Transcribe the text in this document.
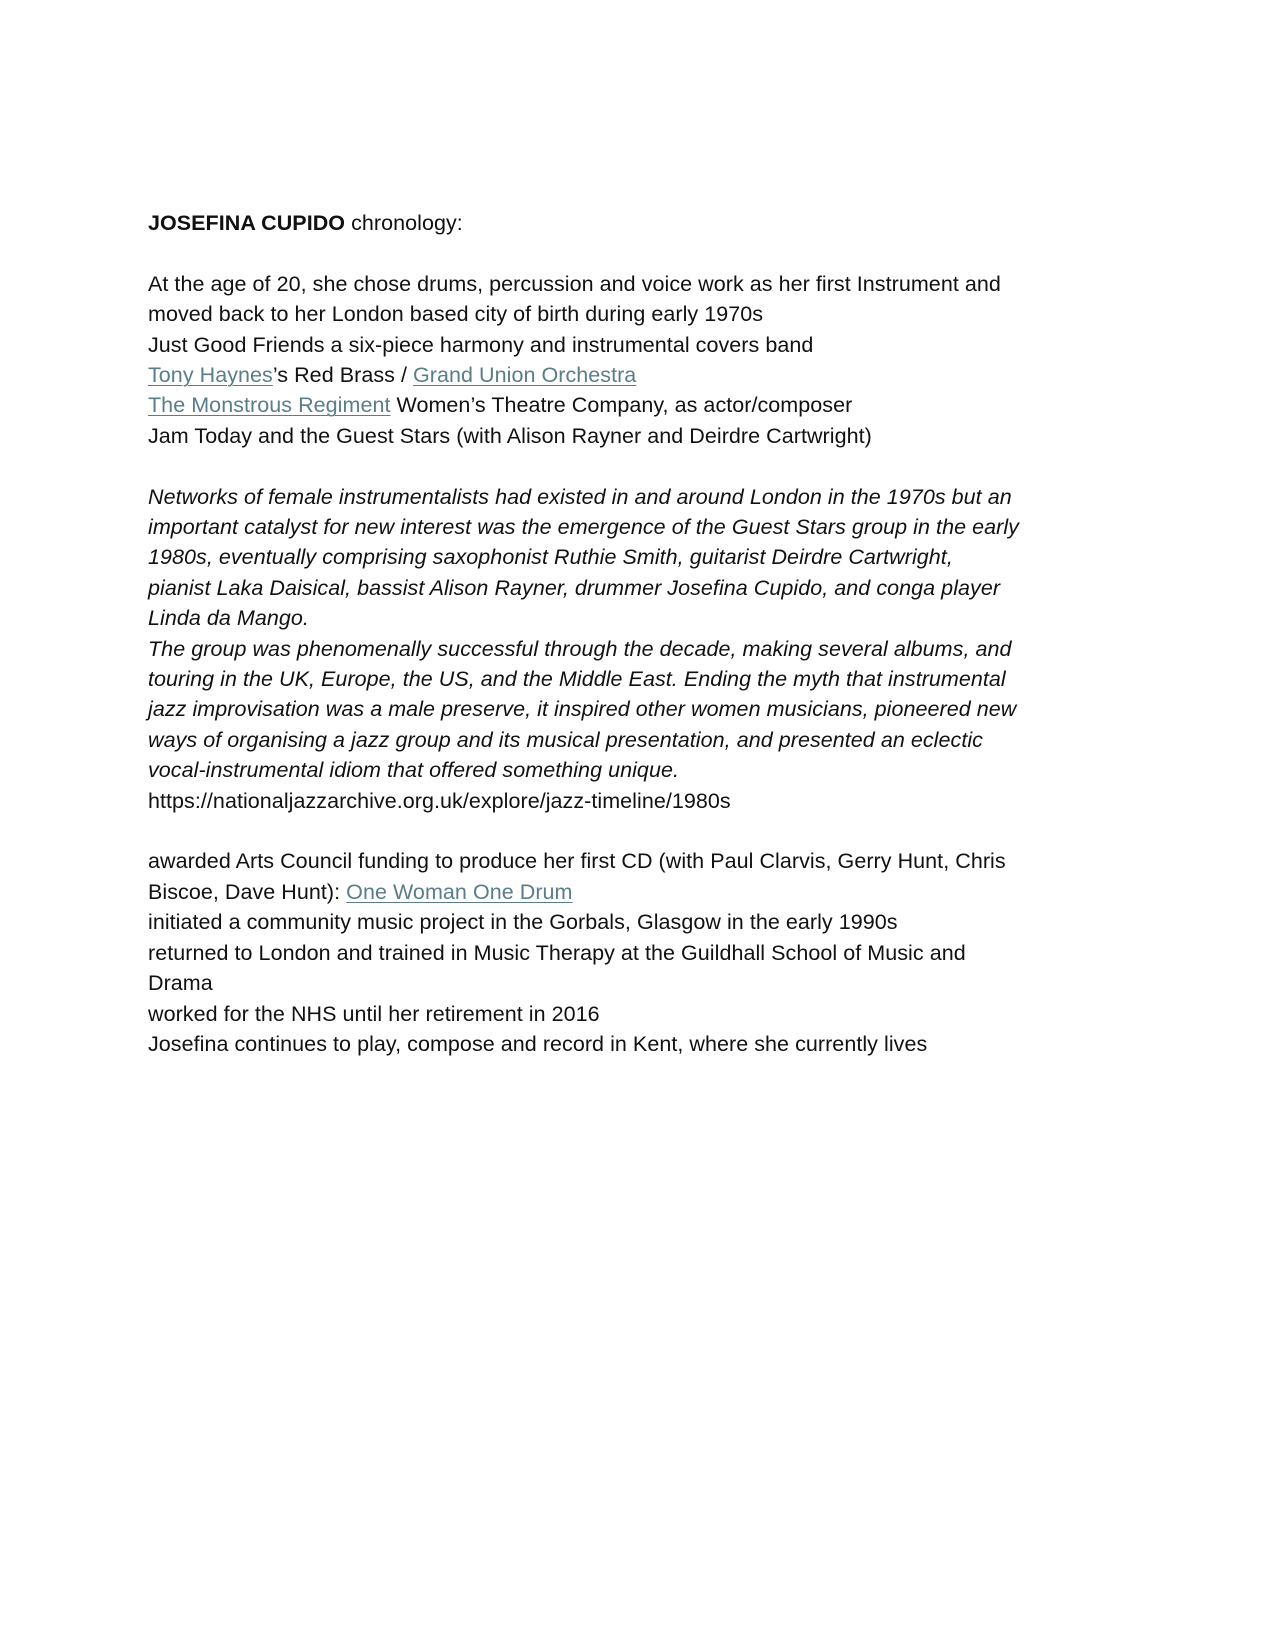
JOSEFINA CUPIDO chronology:
At the age of 20, she chose drums, percussion and voice work as her first Instrument and
moved back to her London based city of birth during early 1970s
Just Good Friends a six-piece harmony and instrumental covers band
Tony Haynes’s Red Brass / Grand Union Orchestra
The Monstrous Regiment Women’s Theatre Company, as actor/composer
Jam Today and the Guest Stars (with Alison Rayner and Deirdre Cartwright)
Networks of female instrumentalists had existed in and around London in the 1970s but an
important catalyst for new interest was the emergence of the Guest Stars group in the early
1980s, eventually comprising saxophonist Ruthie Smith, guitarist Deirdre Cartwright,
pianist Laka Daisical, bassist Alison Rayner, drummer Josefina Cupido, and conga player
Linda da Mango.
The group was phenomenally successful through the decade, making several albums, and
touring in the UK, Europe, the US, and the Middle East. Ending the myth that instrumental
jazz improvisation was a male preserve, it inspired other women musicians, pioneered new
ways of organising a jazz group and its musical presentation, and presented an eclectic
vocal-instrumental idiom that offered something unique.
https://nationaljazzarchive.org.uk/explore/jazz-timeline/1980s
awarded Arts Council funding to produce her first CD (with Paul Clarvis, Gerry Hunt, Chris
Biscoe, Dave Hunt): One Woman One Drum
initiated a community music project in the Gorbals, Glasgow in the early 1990s
returned to London and trained in Music Therapy at the Guildhall School of Music and
Drama
worked for the NHS until her retirement in 2016
Josefina continues to play, compose and record in Kent, where she currently lives
